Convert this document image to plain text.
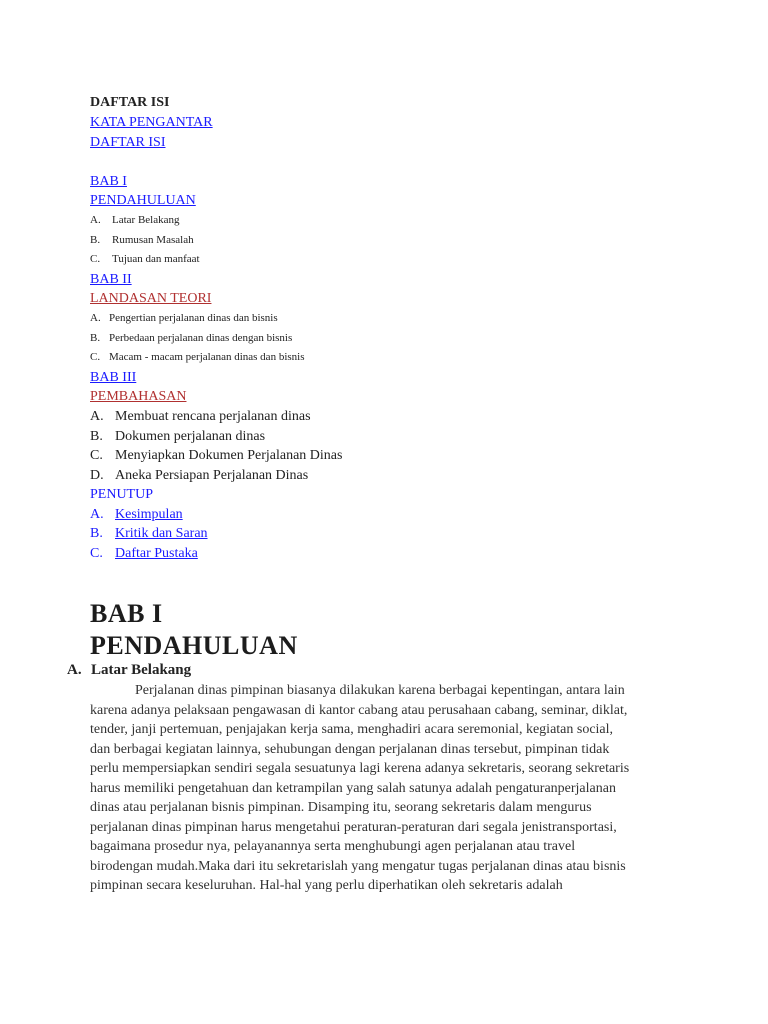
DAFTAR ISI
KATA PENGANTAR
DAFTAR ISI
BAB I
PENDAHULUAN
A. Latar Belakang
B. Rumusan Masalah
C. Tujuan dan manfaat
BAB II
LANDASAN TEORI
A. Pengertian perjalanan dinas dan bisnis
B. Perbedaan perjalanan dinas dengan bisnis
C. Macam - macam perjalanan dinas dan bisnis
BAB III
PEMBAHASAN
A. Membuat rencana perjalanan dinas
B. Dokumen perjalanan dinas
C. Menyiapkan Dokumen Perjalanan Dinas
D. Aneka Persiapan Perjalanan Dinas
PENUTUP
A. Kesimpulan
B. Kritik dan Saran
C. Daftar Pustaka
BAB I
PENDAHULUAN
A. Latar Belakang
Perjalanan dinas pimpinan biasanya dilakukan karena berbagai kepentingan, antara lain
karena adanya pelaksaan pengawasan di kantor cabang atau perusahaan cabang, seminar, diklat,
tender, janji pertemuan, penjajakan kerja sama, menghadiri acara seremonial, kegiatan social,
dan berbagai kegiatan lainnya, sehubungan dengan perjalanan dinas tersebut, pimpinan tidak
perlu mempersiapkan sendiri segala sesuatunya lagi kerena adanya sekretaris, seorang sekretaris
harus memiliki pengetahuan dan ketrampilan yang salah satunya adalah pengaturanperjalanan
dinas atau perjalanan bisnis pimpinan. Disamping itu, seorang sekretaris dalam mengurus
perjalanan dinas pimpinan harus mengetahui peraturan-peraturan dari segala jenistransportasi,
bagaimana prosedur nya, pelayanannya serta menghubungi agen perjalanan atau travel
birodengan mudah.Maka dari itu sekretarislah yang mengatur tugas perjalanan dinas atau bisnis
pimpinan secara keseluruhan. Hal-hal yang perlu diperhatikan oleh sekretaris adalah
